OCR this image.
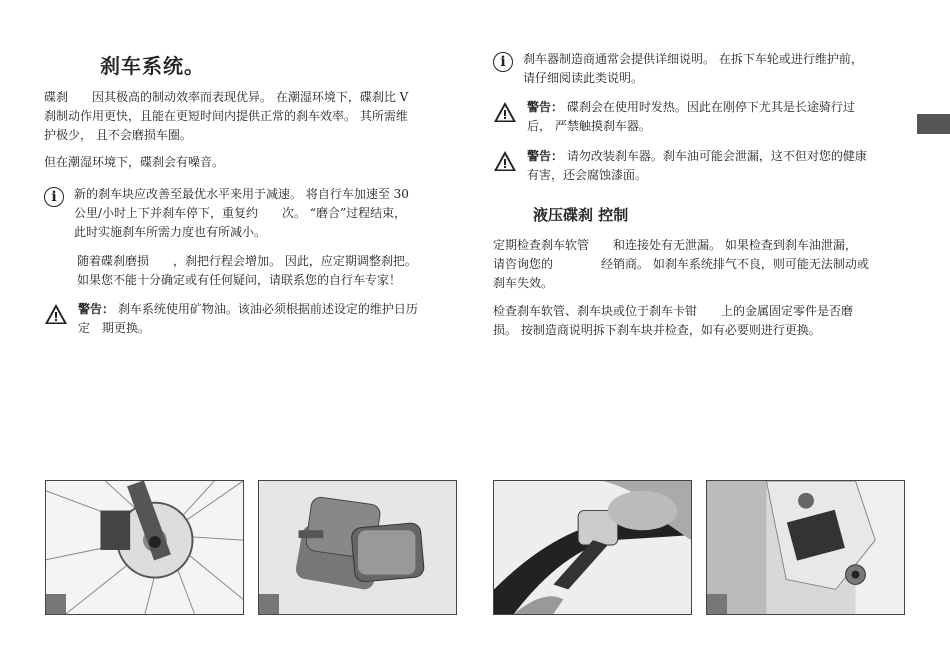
刹车系统。

碟刹　　因其极高的制动效率而表现优异。 在潮湿环境下，碟刹比 V

刹制动作用更快，且能在更短时间内提供正常的刹车效率。 其所需维

护极少， 且不会磨损车圈。

但在潮湿环境下，碟刹会有噪音。

i	新的刹车块应改善至最优水平来用于减速。 将自行车加速至 30

公里/小时上下并刹车停下，重复约　　次。 “磨合”过程结束，

此时实施刹车所需力度也有所减小。

随着碟刹磨损　　，刹把行程会增加。 因此，应定期调整刹把。

如果您不能十分确定或有任何疑问，请联系您的自行车专家！

警告： 刹车系统使用矿物油。该油必须根据前述设定的维护日历

定　期更换。

i	刹车器制造商通常会提供详细说明。 在拆下车轮或进行维护前，

请仔细阅读此类说明。

警告： 碟刹会在使用时发热。因此在刚停下尤其是长途骑行过

后， 严禁触摸刹车器。

警告： 请勿改装刹车器。刹车油可能会泄漏，这不但对您的健康

有害，还会腐蚀漆面。

液压碟刹 控制

定期检查刹车软管　　和连接处有无泄漏。 如果检查到刹车油泄漏，

请咨询您的　　　　经销商。 如刹车系统排气不良，则可能无法制动或

刹车失效。

检查刹车软管、刹车块或位于刹车卡钳　　上的金属固定零件是否磨

损。 按制造商说明拆下刹车块并检查，如有必要则进行更换。
